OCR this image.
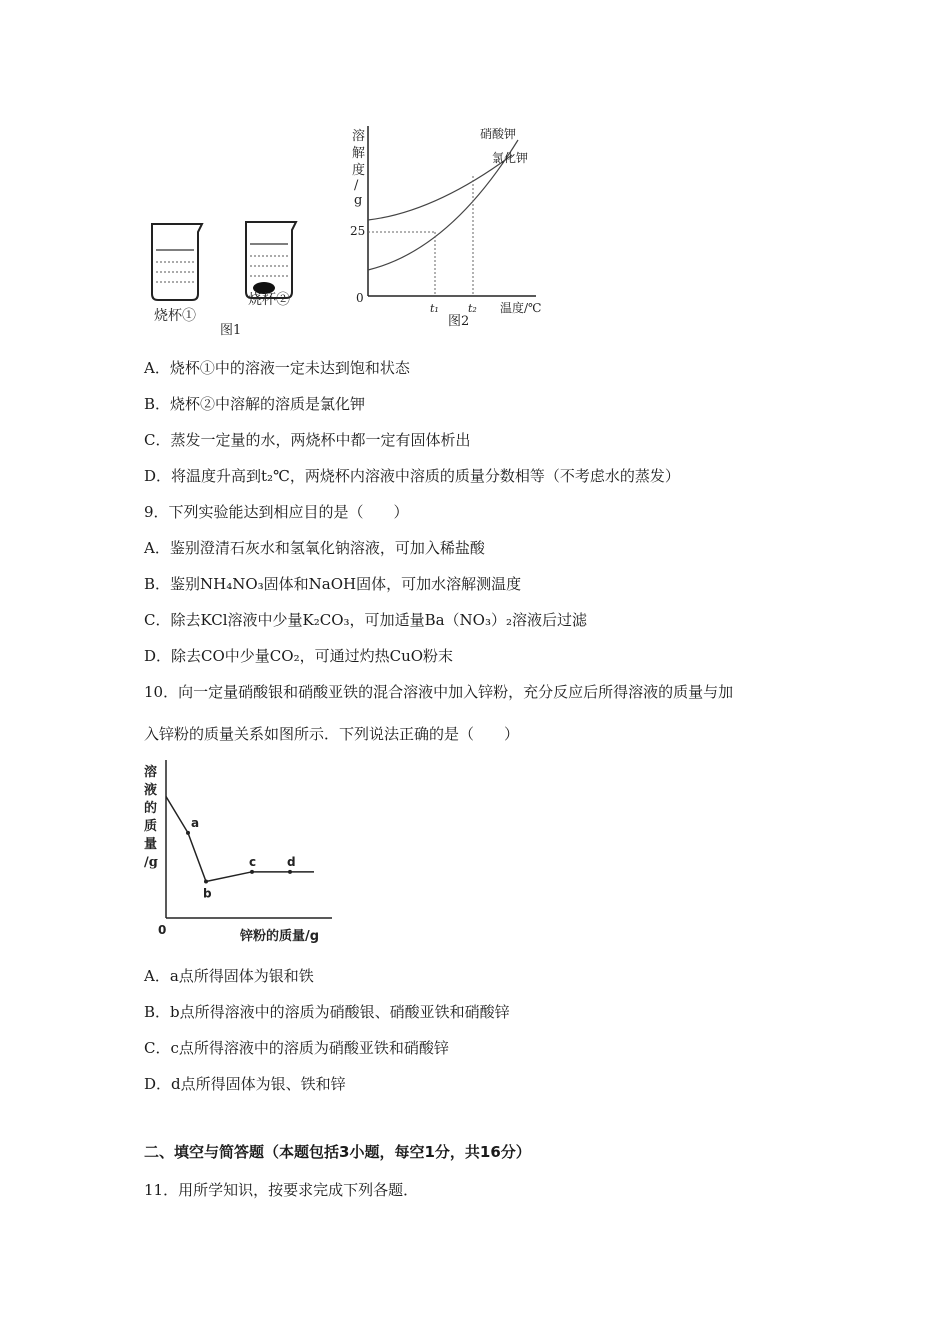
烧杯①
烧杯②
图1
溶
解
度
/
g
0
25
硝酸钾
氯化钾
t₁	t₂ 温度/℃
图2
A．烧杯①中的溶液一定未达到饱和状态
B．烧杯②中溶解的溶质是氯化钾
C．蒸发一定量的水，两烧杯中都一定有固体析出
D．将温度升高到t₂℃，两烧杯内溶液中溶质的质量分数相等（不考虑水的蒸发）
9．下列实验能达到相应目的是（　　）
A．鉴别澄清石灰水和氢氧化钠溶液，可加入稀盐酸
B．鉴别NH₄NO₃固体和NaOH固体，可加水溶解测温度
C．除去KCl溶液中少量K₂CO₃，可加适量Ba（NO₃）₂溶液后过滤
D．除去CO中少量CO₂，可通过灼热CuO粉末
10．向一定量硝酸银和硝酸亚铁的混合溶液中加入锌粉，充分反应后所得溶液的质量与加
入锌粉的质量关系如图所示．下列说法正确的是（　　）
溶
液
的
质
量
/g
0	锌粉的质量/g
a
b
c	d
A．a点所得固体为银和铁
B．b点所得溶液中的溶质为硝酸银、硝酸亚铁和硝酸锌
C．c点所得溶液中的溶质为硝酸亚铁和硝酸锌
D．d点所得固体为银、铁和锌
二、填空与简答题（本题包括3小题，每空1分，共16分）
11．用所学知识，按要求完成下列各题．
